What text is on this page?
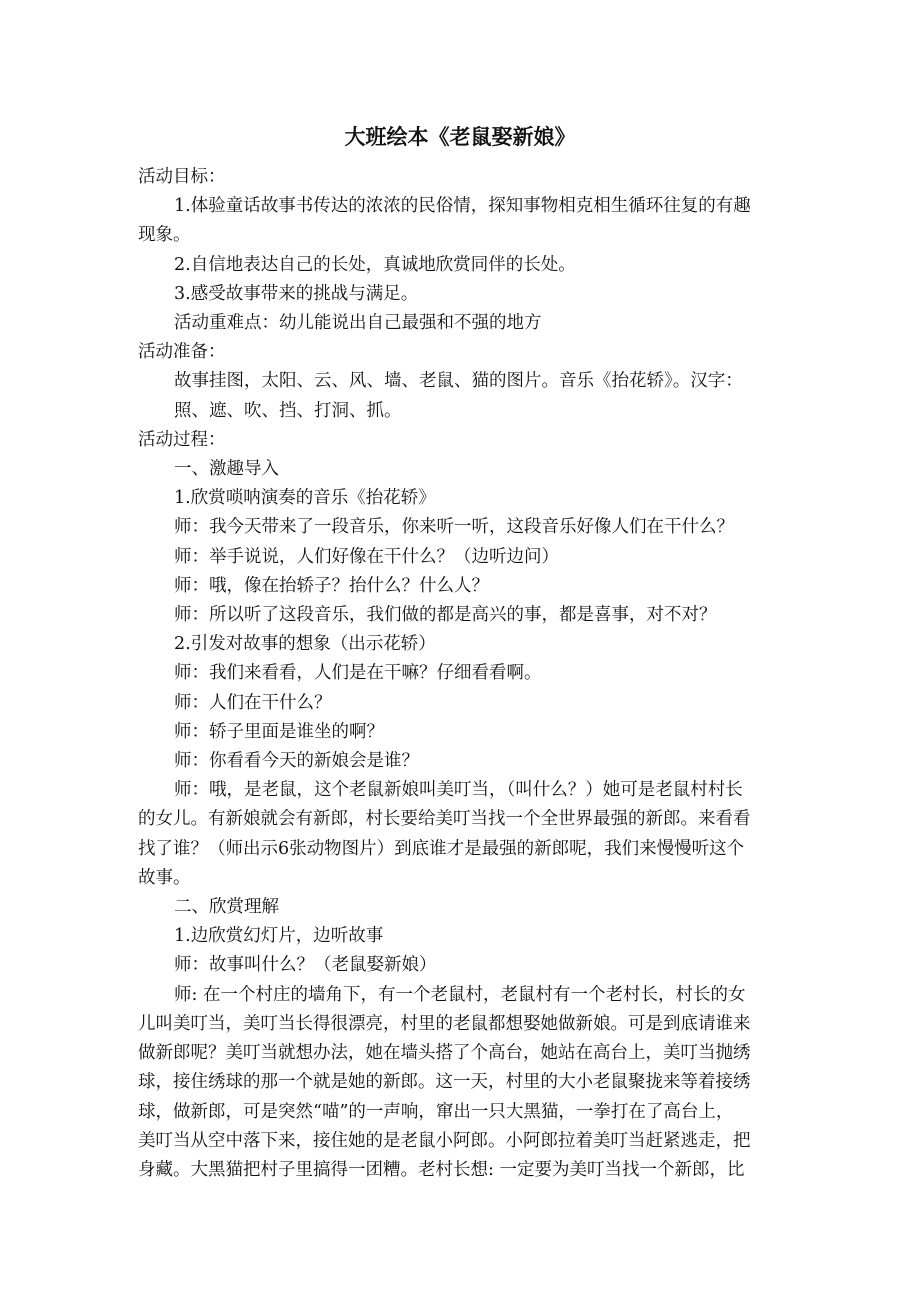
大班绘本《老鼠娶新娘》

活动目标：

1.体验童话故事书传达的浓浓的民俗情，探知事物相克相生循环往复的有趣

现象。

2.自信地表达自己的长处，真诚地欣赏同伴的长处。

3.感受故事带来的挑战与满足。

活动重难点：幼儿能说出自己最强和不强的地方

活动准备：

故事挂图，太阳、云、风、墙、老鼠、猫的图片。音乐《抬花轿》。汉字：

照、遮、吹、挡、打洞、抓。

活动过程：

一、激趣导入

1.欣赏唢呐演奏的音乐《抬花轿》

师：我今天带来了一段音乐，你来听一听，这段音乐好像人们在干什么？

师：举手说说，人们好像在干什么？（边听边问）

师：哦，像在抬轿子？抬什么？什么人？

师：所以听了这段音乐，我们做的都是高兴的事，都是喜事，对不对？

2.引发对故事的想象（出示花轿）

师：我们来看看，人们是在干嘛？仔细看看啊。

师：人们在干什么？

师：轿子里面是谁坐的啊？

师：你看看今天的新娘会是谁？

师：哦，是老鼠，这个老鼠新娘叫美叮当，（叫什么？）她可是老鼠村村长

的女儿。有新娘就会有新郎，村长要给美叮当找一个全世界最强的新郎。来看看

找了谁？（师出示6张动物图片）到底谁才是最强的新郎呢，我们来慢慢听这个

故事。

二、欣赏理解

1.边欣赏幻灯片，边听故事

师：故事叫什么？（老鼠娶新娘）

师: 在一个村庄的墙角下，有一个老鼠村，老鼠村有一个老村长，村长的女

儿叫美叮当，美叮当长得很漂亮，村里的老鼠都想娶她做新娘。可是到底请谁来

做新郎呢？美叮当就想办法，她在墙头搭了个高台，她站在高台上，美叮当抛绣

球，接住绣球的那一个就是她的新郎。这一天，村里的大小老鼠聚拢来等着接绣

球，做新郎，可是突然“喵”的一声响，窜出一只大黑猫，一拳打在了高台上，

美叮当从空中落下来，接住她的是老鼠小阿郎。小阿郎拉着美叮当赶紧逃走，把

身藏。大黑猫把村子里搞得一团糟。老村长想: 一定要为美叮当找一个新郎，比
